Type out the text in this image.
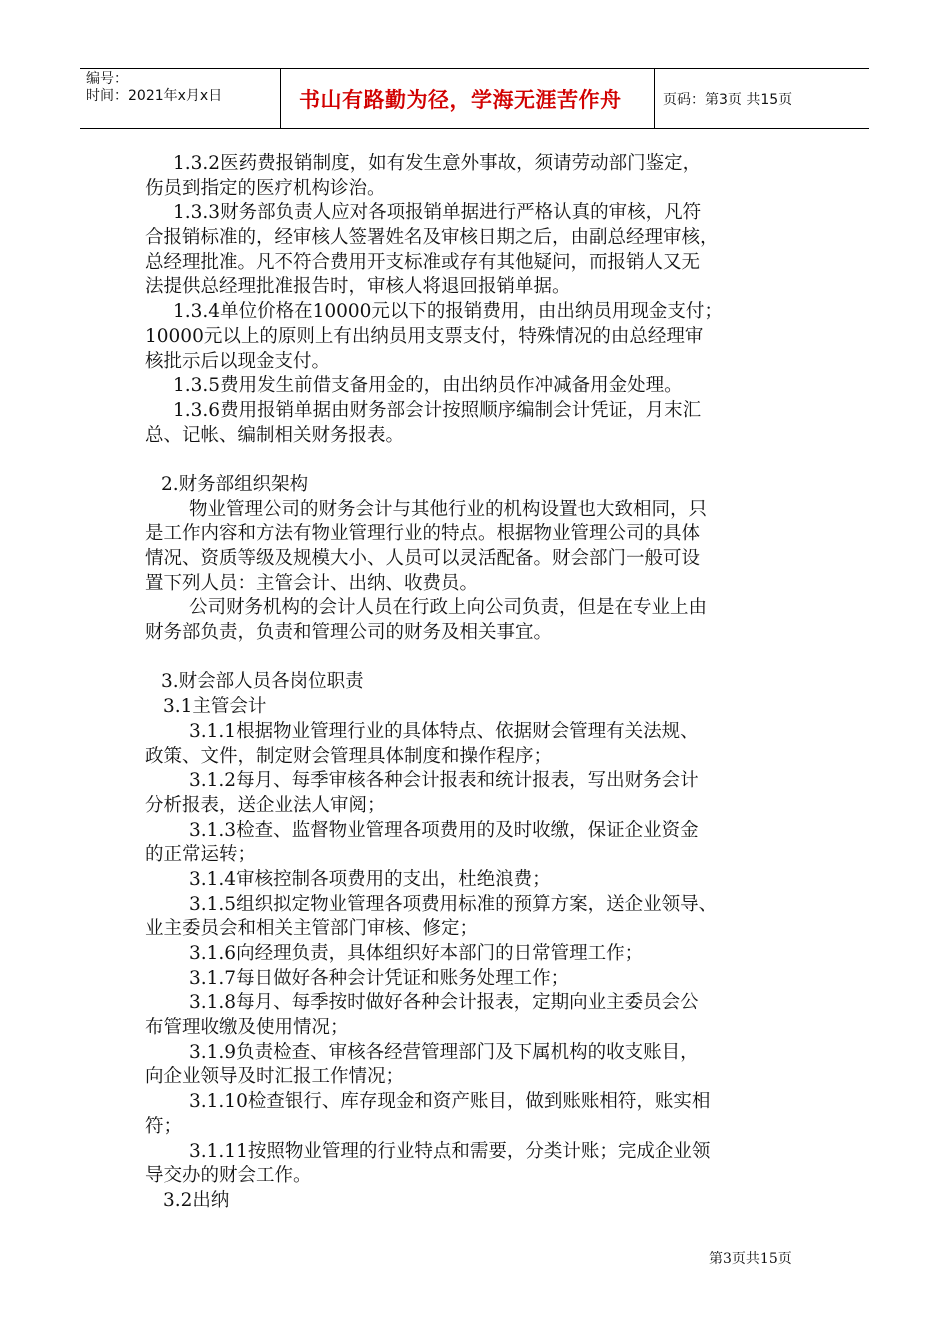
编号：
时间：2021年x月x日	书山有路勤为径，学海无涯苦作舟	页码：第3页 共15页
1.3.2医药费报销制度，如有发生意外事故，须请劳动部门鉴定，
伤员到指定的医疗机构诊治。
1.3.3财务部负责人应对各项报销单据进行严格认真的审核，凡符
合报销标准的，经审核人签署姓名及审核日期之后，由副总经理审核，
总经理批准。凡不符合费用开支标准或存有其他疑问，而报销人又无
法提供总经理批准报告时，审核人将退回报销单据。
1.3.4单位价格在10000元以下的报销费用，由出纳员用现金支付；
10000元以上的原则上有出纳员用支票支付，特殊情况的由总经理审
核批示后以现金支付。
1.3.5费用发生前借支备用金的，由出纳员作冲减备用金处理。
1.3.6费用报销单据由财务部会计按照顺序编制会计凭证，月末汇
总、记帐、编制相关财务报表。
2.财务部组织架构
物业管理公司的财务会计与其他行业的机构设置也大致相同，只
是工作内容和方法有物业管理行业的特点。根据物业管理公司的具体
情况、资质等级及规模大小、人员可以灵活配备。财会部门一般可设
置下列人员：主管会计、出纳、收费员。
公司财务机构的会计人员在行政上向公司负责，但是在专业上由
财务部负责，负责和管理公司的财务及相关事宜。
3.财会部人员各岗位职责
3.1主管会计
3.1.1根据物业管理行业的具体特点、依据财会管理有关法规、
政策、文件，制定财会管理具体制度和操作程序；
3.1.2每月、每季审核各种会计报表和统计报表，写出财务会计
分析报表，送企业法人审阅；
3.1.3检查、监督物业管理各项费用的及时收缴，保证企业资金
的正常运转；
3.1.4审核控制各项费用的支出，杜绝浪费；
3.1.5组织拟定物业管理各项费用标准的预算方案，送企业领导、
业主委员会和相关主管部门审核、修定；
3.1.6向经理负责，具体组织好本部门的日常管理工作；
3.1.7每日做好各种会计凭证和账务处理工作；
3.1.8每月、每季按时做好各种会计报表，定期向业主委员会公
布管理收缴及使用情况；
3.1.9负责检查、审核各经营管理部门及下属机构的收支账目，
向企业领导及时汇报工作情况；
3.1.10检查银行、库存现金和资产账目，做到账账相符，账实相
符；
3.1.11按照物业管理的行业特点和需要，分类计账；完成企业领
导交办的财会工作。
3.2出纳
第3页共15页
